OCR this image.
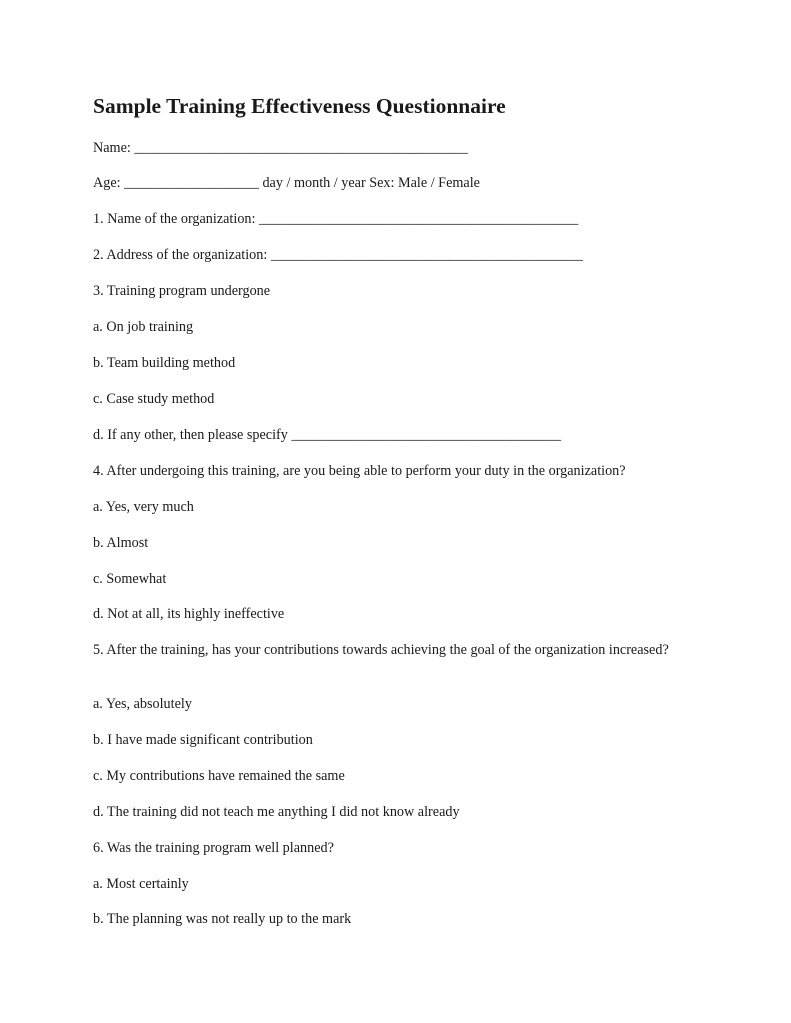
Sample Training Effectiveness Questionnaire

Name: _______________________________________________

Age: ___________________ day / month / year Sex: Male / Female

1. Name of the organization: _____________________________________________

2. Address of the organization: ____________________________________________

3. Training program undergone

a. On job training

b. Team building method

c. Case study method

d. If any other, then please specify ______________________________________

4. After undergoing this training, are you being able to perform your duty in the organization?

a. Yes, very much

b. Almost

c. Somewhat

d. Not at all, its highly ineffective

5. After the training, has your contributions towards achieving the goal of the organization increased?

a. Yes, absolutely

b. I have made significant contribution

c. My contributions have remained the same

d. The training did not teach me anything I did not know already

6. Was the training program well planned?

a. Most certainly

b. The planning was not really up to the mark
